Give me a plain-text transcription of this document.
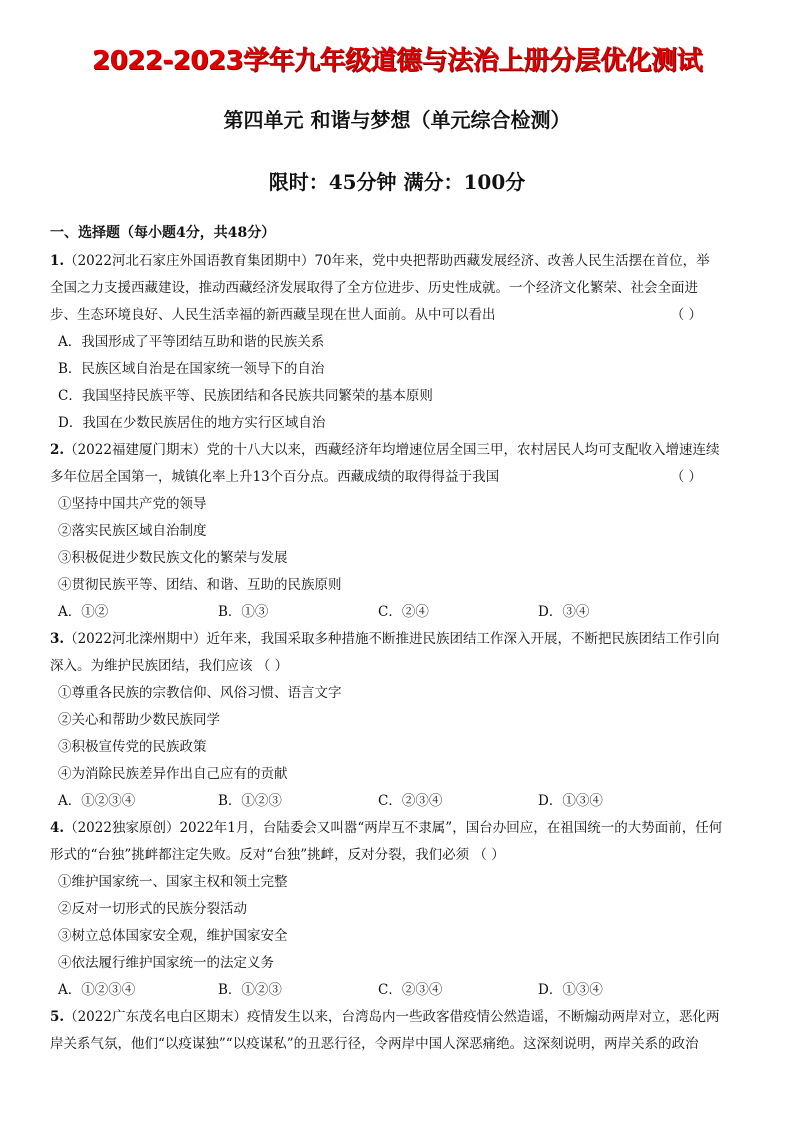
2022-2023学年九年级道德与法治上册分层优化测试
第四单元 和谐与梦想（单元综合检测）
限时：45分钟 满分：100分
一、选择题（每小题4分，共48分）
1.（2022河北石家庄外国语教育集团期中）70年来，党中央把帮助西藏发展经济、改善人民生活摆在首位，举
全国之力支援西藏建设，推动西藏经济发展取得了全方位进步、历史性成就。一个经济文化繁荣、社会全面进
步、生态环境良好、人民生活幸福的新西藏呈现在世人面前。从中可以看出	（ ）
A．我国形成了平等团结互助和谐的民族关系
B．民族区域自治是在国家统一领导下的自治
C．我国坚持民族平等、民族团结和各民族共同繁荣的基本原则
D．我国在少数民族居住的地方实行区域自治
2.（2022福建厦门期末）党的十八大以来，西藏经济年均增速位居全国三甲，农村居民人均可支配收入增速连续
多年位居全国第一，城镇化率上升13个百分点。西藏成绩的取得得益于我国	（ ）
①坚持中国共产党的领导
②落实民族区域自治制度
③积极促进少数民族文化的繁荣与发展
④贯彻民族平等、团结、和谐、互助的民族原则
A．①②	B．①③	C．②④	D．③④
3.（2022河北滦州期中）近年来，我国采取多种措施不断推进民族团结工作深入开展，不断把民族团结工作引向
深入。为维护民族团结，我们应该 （ ）
①尊重各民族的宗教信仰、风俗习惯、语言文字
②关心和帮助少数民族同学
③积极宣传党的民族政策
④为消除民族差异作出自己应有的贡献
A．①②③④	B．①②③	C．②③④	D．①③④
4.（2022独家原创）2022年1月，台陆委会又叫嚣“两岸互不隶属”，国台办回应，在祖国统一的大势面前，任何
形式的“台独”挑衅都注定失败。反对“台独”挑衅，反对分裂，我们必须 （ ）
①维护国家统一、国家主权和领土完整
②反对一切形式的民族分裂活动
③树立总体国家安全观，维护国家安全
④依法履行维护国家统一的法定义务
A．①②③④	B．①②③	C．②③④	D．①③④
5.（2022广东茂名电白区期末）疫情发生以来，台湾岛内一些政客借疫情公然造谣，不断煽动两岸对立，恶化两
岸关系气氛，他们“以疫谋独”“以疫谋私”的丑恶行径，令两岸中国人深恶痛绝。这深刻说明，两岸关系的政治
